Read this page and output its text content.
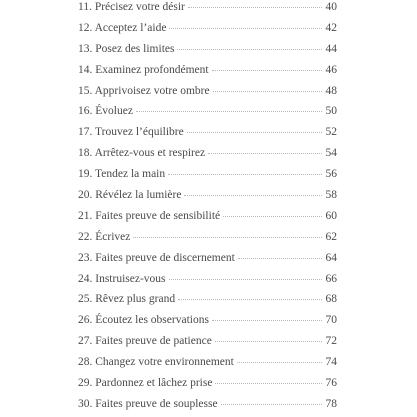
11. Précisez votre désir	40
12. Acceptez l’aide	42
13. Posez des limites	44
14. Examinez profondément	46
15. Apprivoisez votre ombre	48
16. Évoluez	50
17. Trouvez l’équilibre	52
18. Arrêtez-vous et respirez	54
19. Tendez la main	56
20. Révélez la lumière	58
21. Faites preuve de sensibilité	60
22. Écrivez	62
23. Faites preuve de discernement	64
24. Instruisez-vous	66
25. Rêvez plus grand	68
26. Écoutez les observations	70
27. Faites preuve de patience	72
28. Changez votre environnement	74
29. Pardonnez et lâchez prise	76
30. Faites preuve de souplesse	78
